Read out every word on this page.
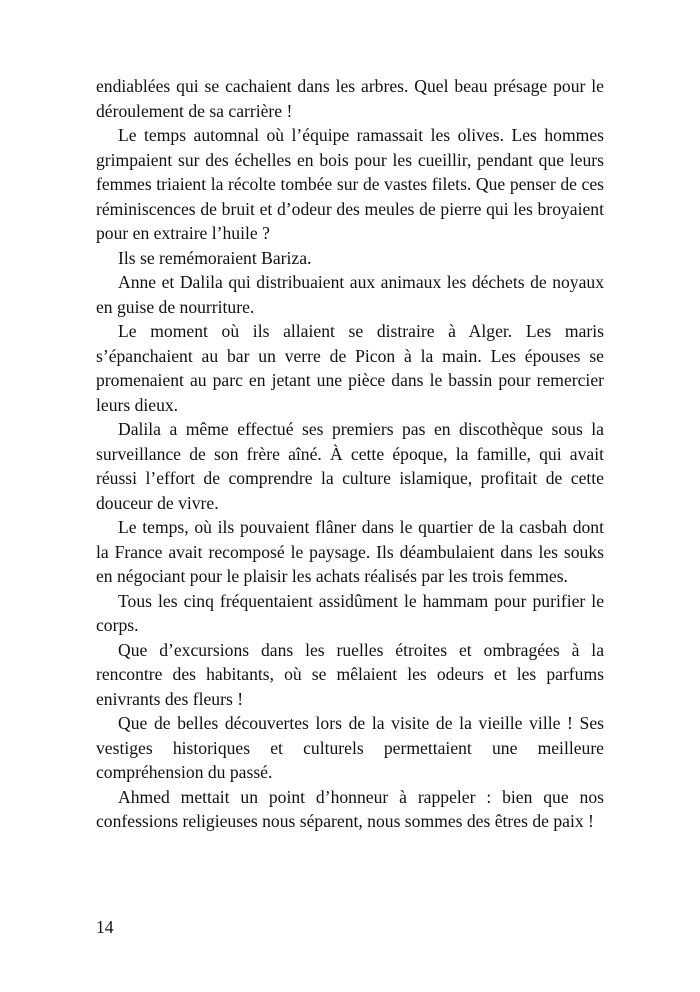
endiablées qui se cachaient dans les arbres. Quel beau présage pour le déroulement de sa carrière !

Le temps automnal où l’équipe ramassait les olives. Les hommes grimpaient sur des échelles en bois pour les cueillir, pendant que leurs femmes triaient la récolte tombée sur de vastes filets. Que penser de ces réminiscences de bruit et d’odeur des meules de pierre qui les broyaient pour en extraire l’huile ?

Ils se remémoraient Bariza.

Anne et Dalila qui distribuaient aux animaux les déchets de noyaux en guise de nourriture.

Le moment où ils allaient se distraire à Alger. Les maris s’épanchaient au bar un verre de Picon à la main. Les épouses se promenaient au parc en jetant une pièce dans le bassin pour remercier leurs dieux.

Dalila a même effectué ses premiers pas en discothèque sous la surveillance de son frère aîné. À cette époque, la famille, qui avait réussi l’effort de comprendre la culture islamique, profitait de cette douceur de vivre.

Le temps, où ils pouvaient flâner dans le quartier de la casbah dont la France avait recomposé le paysage. Ils déambulaient dans les souks en négociant pour le plaisir les achats réalisés par les trois femmes.

Tous les cinq fréquentaient assidûment le hammam pour purifier le corps.

Que d’excursions dans les ruelles étroites et ombragées à la rencontre des habitants, où se mêlaient les odeurs et les parfums enivrants des fleurs !

Que de belles découvertes lors de la visite de la vieille ville ! Ses vestiges historiques et culturels permettaient une meilleure compréhension du passé.

Ahmed mettait un point d’honneur à rappeler : bien que nos confessions religieuses nous séparent, nous sommes des êtres de paix !

14
